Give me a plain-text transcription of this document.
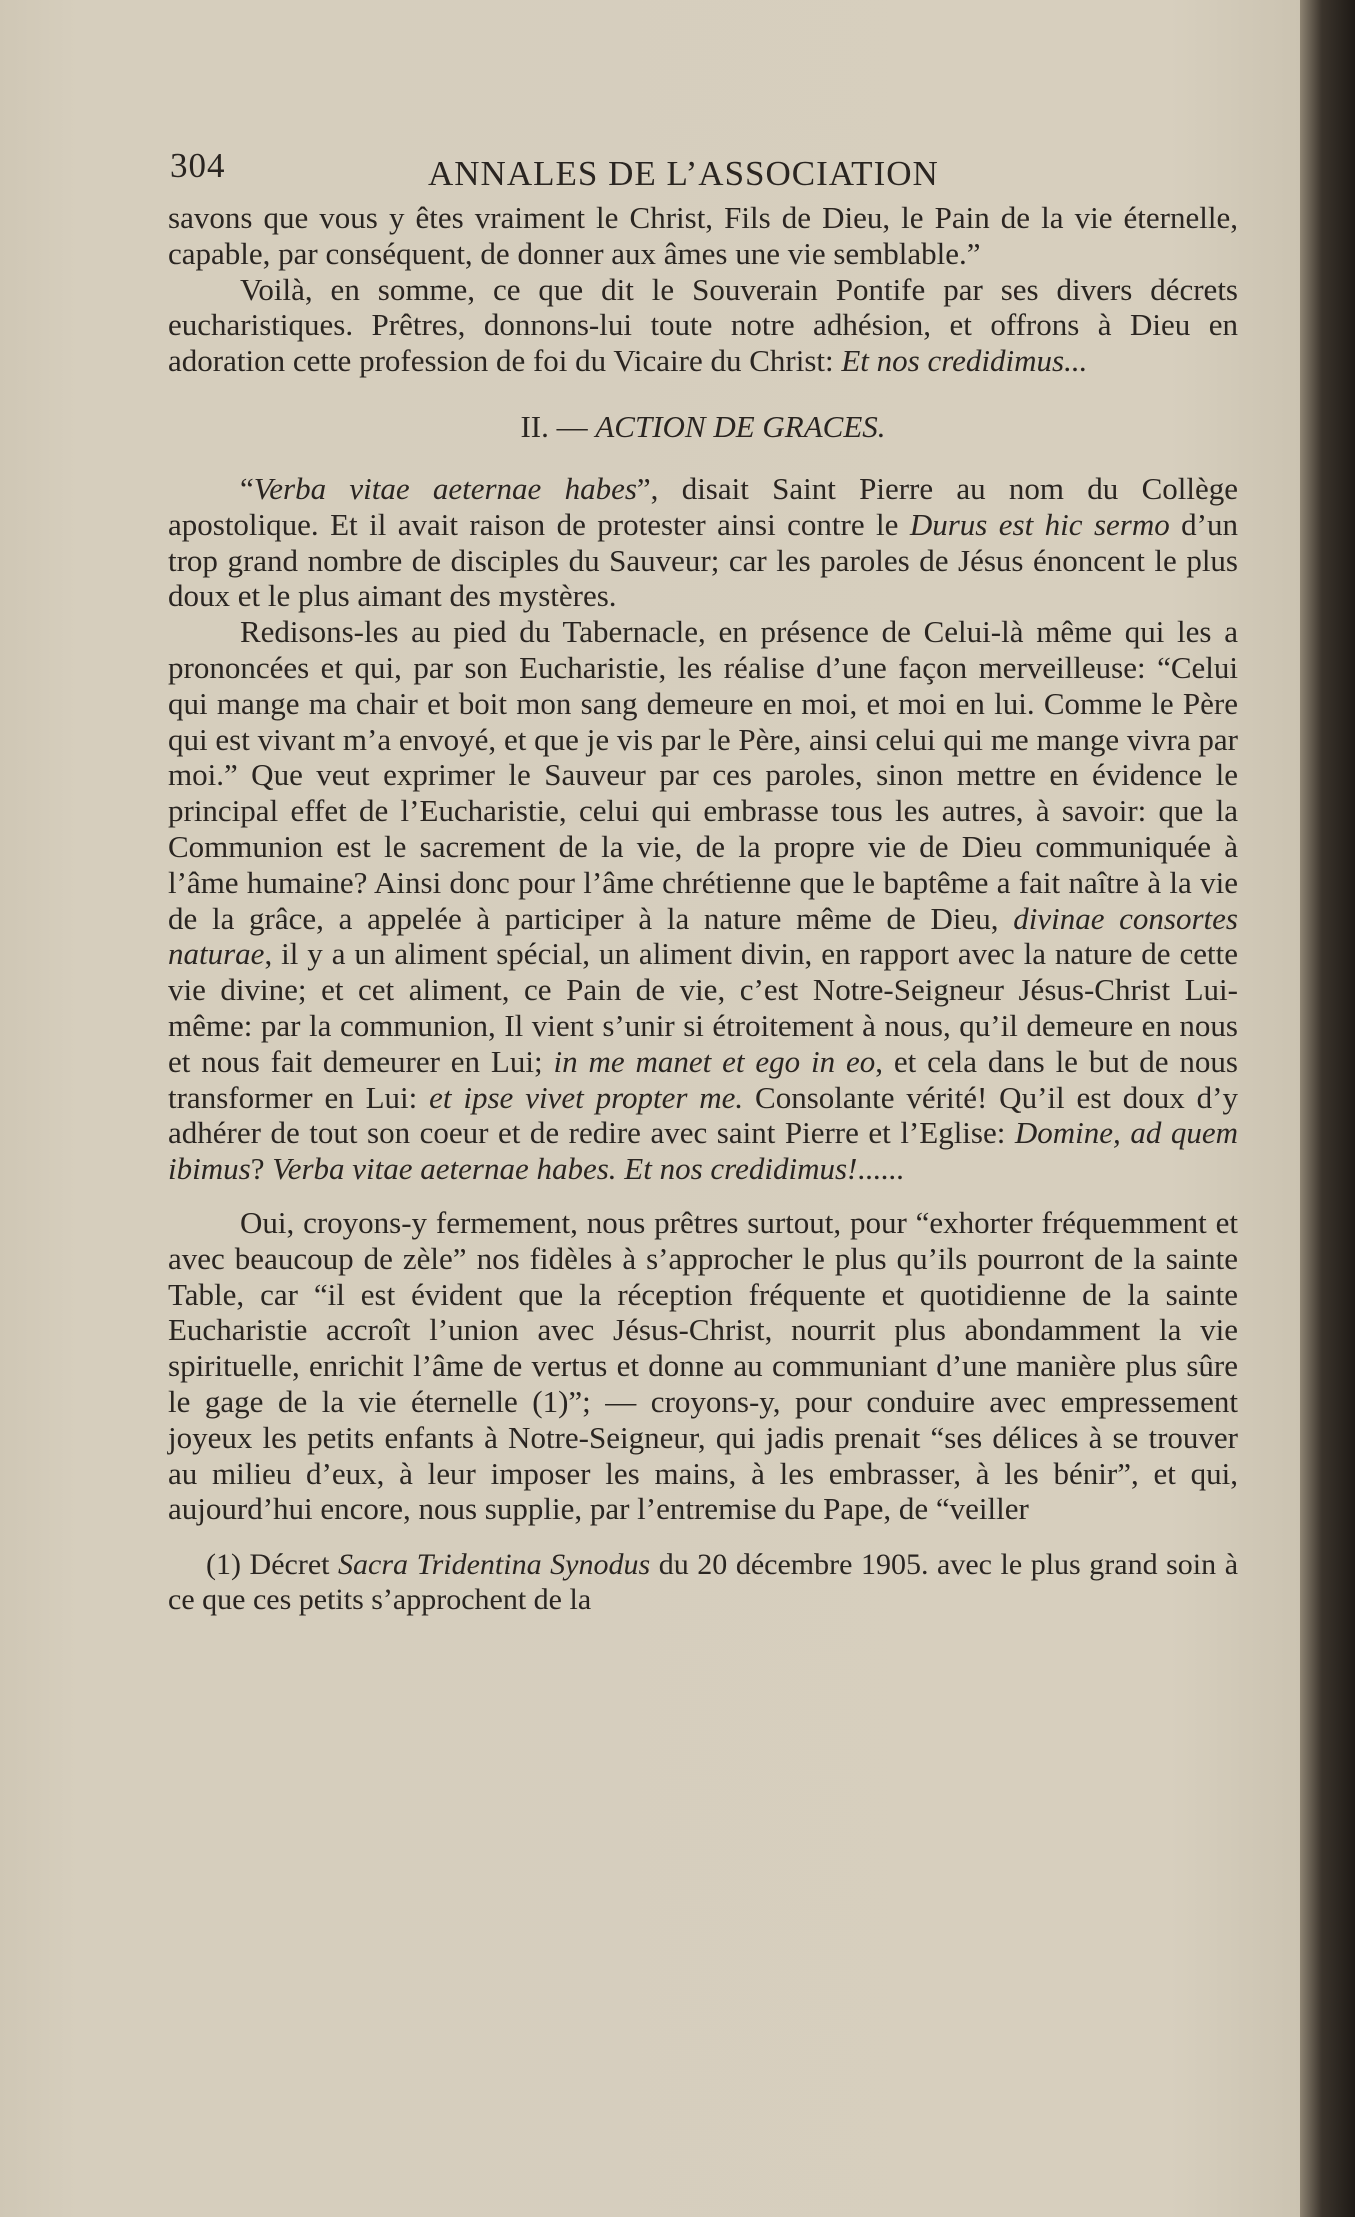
304	ANNALES DE L’ASSOCIATION

savons que vous y êtes vraiment le Christ, Fils de Dieu, le Pain de la vie éternelle, capable, par conséquent, de donner aux âmes une vie semblable.”

Voilà, en somme, ce que dit le Souverain Pontife par ses divers décrets eucharistiques. Prêtres, donnons-lui toute notre adhésion, et offrons à Dieu en adoration cette profession de foi du Vicaire du Christ: Et nos credidimus...

II. — ACTION DE GRACES.

“Verba vitae aeternae habes”, disait Saint Pierre au nom du Collège apostolique. Et il avait raison de protester ainsi contre le Durus est hic sermo d’un trop grand nombre de disciples du Sauveur; car les paroles de Jésus énoncent le plus doux et le plus aimant des mystères.

Redisons-les au pied du Tabernacle, en présence de Celui-là même qui les a prononcées et qui, par son Eucharistie, les réalise d’une façon merveilleuse: “Celui qui mange ma chair et boit mon sang demeure en moi, et moi en lui. Comme le Père qui est vivant m’a envoyé, et que je vis par le Père, ainsi celui qui me mange vivra par moi.” Que veut exprimer le Sauveur par ces paroles, sinon mettre en évidence le principal effet de l’Eucharistie, celui qui embrasse tous les autres, à savoir: que la Communion est le sacrement de la vie, de la propre vie de Dieu communiquée à l’âme humaine? Ainsi donc pour l’âme chrétienne que le baptême a fait naître à la vie de la grâce, a appelée à participer à la nature même de Dieu, divinae consortes naturae, il y a un aliment spécial, un aliment divin, en rapport avec la nature de cette vie divine; et cet aliment, ce Pain de vie, c’est Notre-Seigneur Jésus-Christ Lui-même: par la communion, Il vient s’unir si étroitement à nous, qu’il demeure en nous et nous fait demeurer en Lui; in me manet et ego in eo, et cela dans le but de nous transformer en Lui: et ipse vivet propter me. Consolante vérité! Qu’il est doux d’y adhérer de tout son coeur et de redire avec saint Pierre et l’Eglise: Domine, ad quem ibimus? Verba vitae aeternae habes. Et nos credidimus!......

Oui, croyons-y fermement, nous prêtres surtout, pour “exhorter fréquemment et avec beaucoup de zèle” nos fidèles à s’approcher le plus qu’ils pourront de la sainte Table, car “il est évident que la réception fréquente et quotidienne de la sainte Eucharistie accroît l’union avec Jésus-Christ, nourrit plus abondamment la vie spirituelle, enrichit l’âme de vertus et donne au communiant d’une manière plus sûre le gage de la vie éternelle (1)”; — croyons-y, pour conduire avec empressement joyeux les petits enfants à Notre-Seigneur, qui jadis prenait “ses délices à se trouver au milieu d’eux, à leur imposer les mains, à les embrasser, à les bénir”, et qui, aujourd’hui encore, nous supplie, par l’entremise du Pape, de “veiller

(1) Décret Sacra Tridentina Synodus du 20 décembre 1905. avec le plus grand soin à ce que ces petits s’approchent de la
